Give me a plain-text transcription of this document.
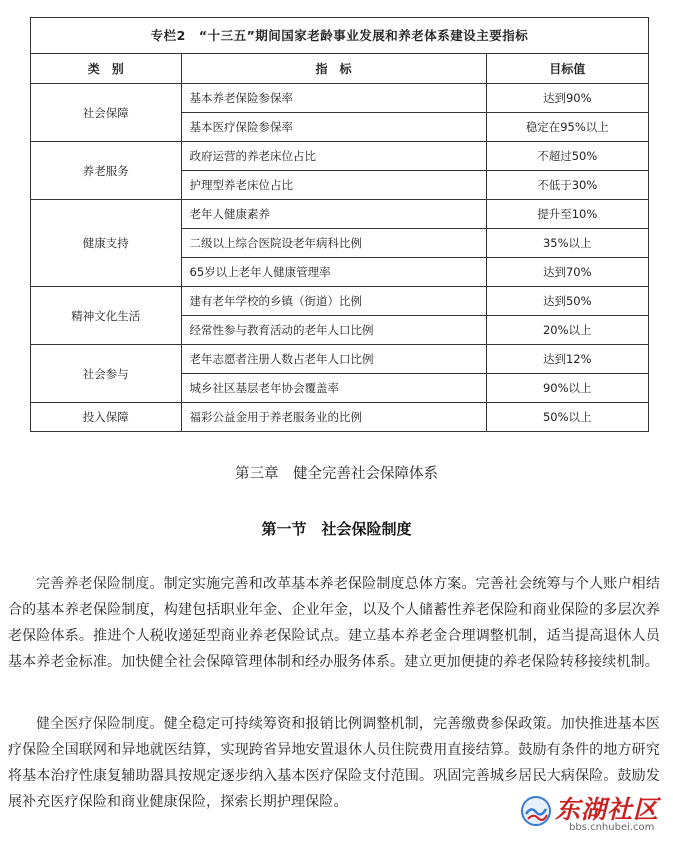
专栏2　“十三五”期间国家老龄事业发展和养老体系建设主要指标
类　别	指　标	目标值
社会保障	基本养老保险参保率	达到90%
	基本医疗保险参保率	稳定在95%以上
养老服务	政府运营的养老床位占比	不超过50%
	护理型养老床位占比	不低于30%
健康支持	老年人健康素养	提升至10%
	二级以上综合医院设老年病科比例	35%以上
	65岁以上老年人健康管理率	达到70%
精神文化生活	建有老年学校的乡镇（街道）比例	达到50%
	经常性参与教育活动的老年人口比例	20%以上
社会参与	老年志愿者注册人数占老年人口比例	达到12%
	城乡社区基层老年协会覆盖率	90%以上
投入保障	福彩公益金用于养老服务业的比例	50%以上
第三章　健全完善社会保障体系
第一节　社会保险制度

完善养老保险制度。制定实施完善和改革基本养老保险制度总体方案。完善社会统筹与个人账户相结合的基本养老保险制度，构建包括职业年金、企业年金，以及个人储蓄性养老保险和商业保险的多层次养老保险体系。推进个人税收递延型商业养老保险试点。建立基本养老金合理调整机制，适当提高退休人员基本养老金标准。加快健全社会保障管理体制和经办服务体系。建立更加便捷的养老保险转移接续机制。

健全医疗保险制度。健全稳定可持续筹资和报销比例调整机制，完善缴费参保政策。加快推进基本医疗保险全国联网和异地就医结算，实现跨省异地安置退休人员住院费用直接结算。鼓励有条件的地方研究将基本治疗性康复辅助器具按规定逐步纳入基本医疗保险支付范围。巩固完善城乡居民大病保险。鼓励发展补充医疗保险和商业健康保险，探索长期护理保险。	东湖社区
bbs.cnhubei.com
